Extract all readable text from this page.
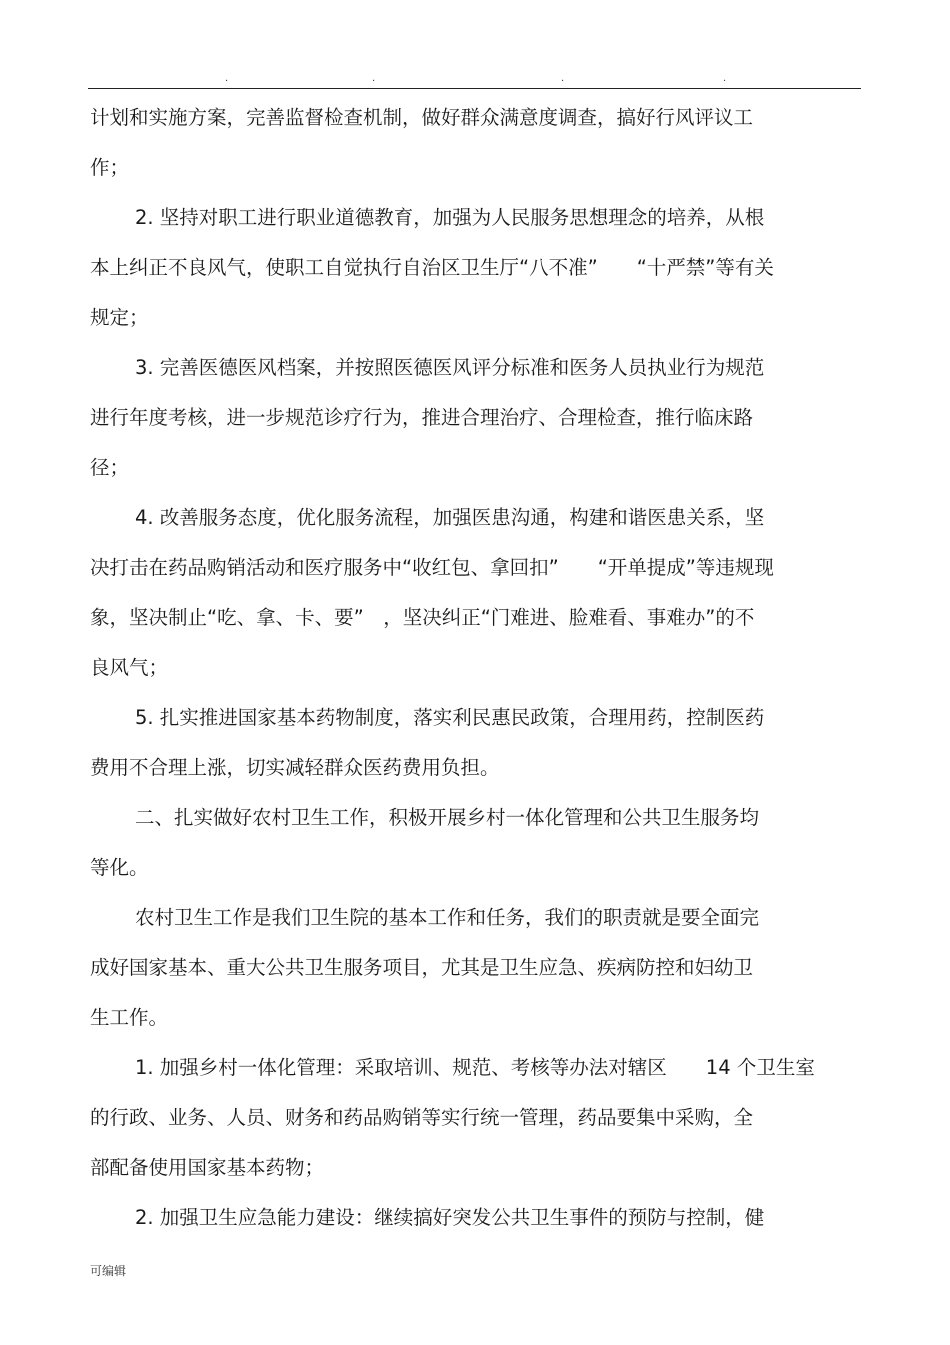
.	.	.	.
计划和实施方案，完善监督检查机制，做好群众满意度调查，搞好行风评议工
作；
2. 坚持对职工进行职业道德教育，加强为人民服务思想理念的培养，从根
本上纠正不良风气，使职工自觉执行自治区卫生厅“八不准”　　“十严禁”等有关
规定；
3. 完善医德医风档案，并按照医德医风评分标准和医务人员执业行为规范
进行年度考核，进一步规范诊疗行为，推进合理治疗、合理检查，推行临床路
径；
4. 改善服务态度，优化服务流程，加强医患沟通，构建和谐医患关系，坚
决打击在药品购销活动和医疗服务中“收红包、拿回扣”　　“开单提成”等违规现
象，坚决制止“吃、拿、卡、要”　，坚决纠正“门难进、脸难看、事难办”的不
良风气；
5. 扎实推进国家基本药物制度，落实利民惠民政策，合理用药，控制医药
费用不合理上涨，切实减轻群众医药费用负担。
二、扎实做好农村卫生工作，积极开展乡村一体化管理和公共卫生服务均
等化。
农村卫生工作是我们卫生院的基本工作和任务，我们的职责就是要全面完
成好国家基本、重大公共卫生服务项目，尤其是卫生应急、疾病防控和妇幼卫
生工作。
1. 加强乡村一体化管理：采取培训、规范、考核等办法对辖区　　14 个卫生室
的行政、业务、人员、财务和药品购销等实行统一管理，药品要集中采购，全
部配备使用国家基本药物；
2. 加强卫生应急能力建设：继续搞好突发公共卫生事件的预防与控制，健
可编辑
